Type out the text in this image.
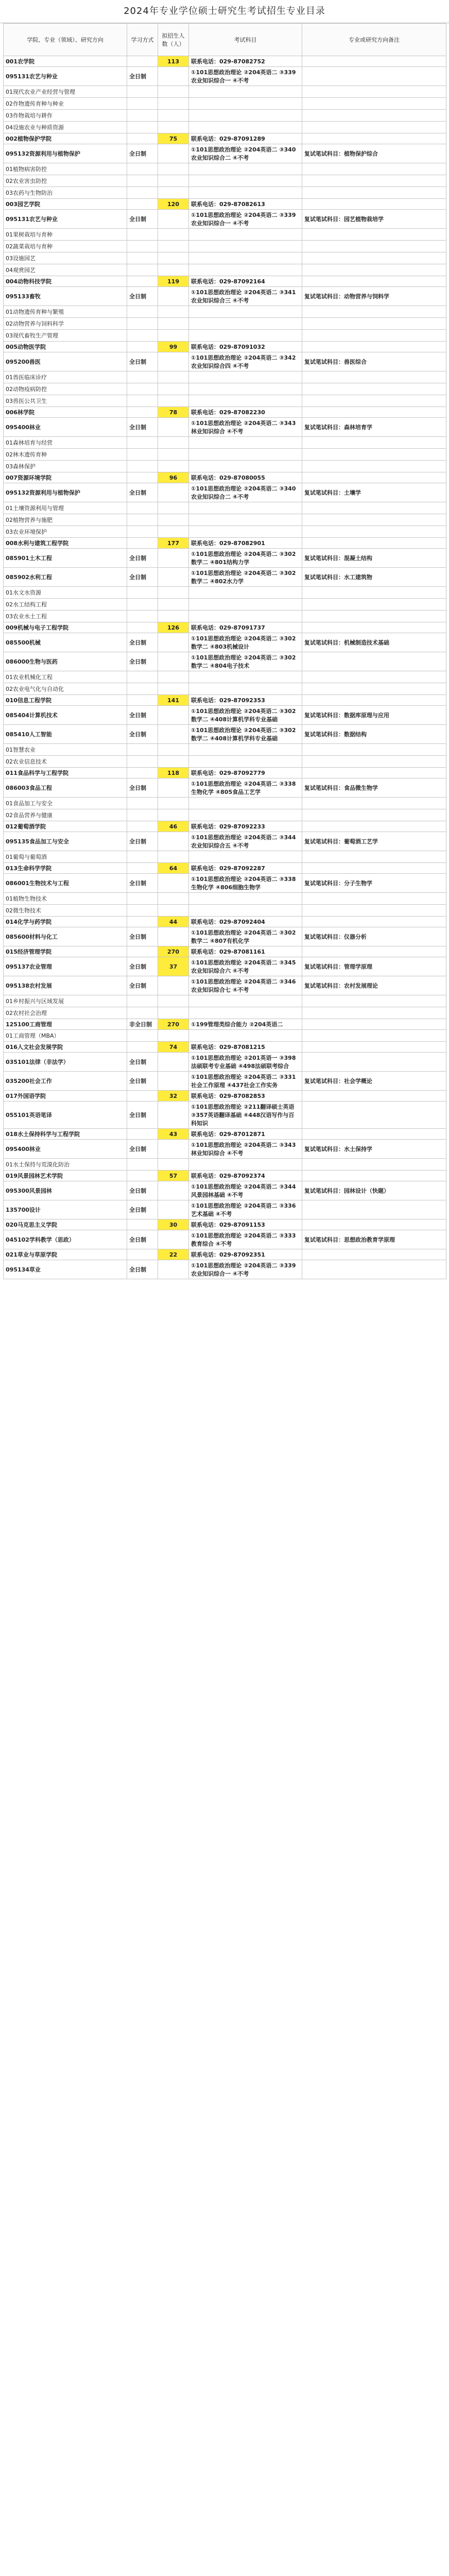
2024年专业学位硕士研究生考试招生专业目录
学院、专业（领域）、研究方向	学习方式	拟招生人数（人）	考试科目	专业或研究方向备注
001农学院		113	联系电话：029-87082752	
095131农艺与种业	全日制		①101思想政治理论 ②204英语二 ③339农业知识综合一 ④不考	
01现代农业产业经营与管理				
02作物遗传育种与种业				
03作物栽培与耕作				
04设施农业与种质资源				
002植物保护学院		75	联系电话：029-87091289	
095132资源利用与植物保护	全日制		①101思想政治理论 ②204英语二 ③340农业知识综合二 ④不考	复试笔试科目：植物保护综合
01植物病害防控				
02农业害虫防控				
03农药与生物防治				
003园艺学院		120	联系电话：029-87082613	
095131农艺与种业	全日制		①101思想政治理论 ②204英语二 ③339农业知识综合一 ④不考	复试笔试科目：园艺植物栽培学
01果树栽培与育种				
02蔬菜栽培与育种				
03设施园艺				
04观赏园艺				
004动物科技学院		119	联系电话：029-87092164	
095133畜牧	全日制		①101思想政治理论 ②204英语二 ③341农业知识综合三 ④不考	复试笔试科目：动物营养与饲料学
01动物遗传育种与繁殖				
02动物营养与饲料科学				
03现代畜牧生产管理				
005动物医学院		99	联系电话：029-87091032	
095200兽医	全日制		①101思想政治理论 ②204英语二 ③342农业知识综合四 ④不考	复试笔试科目：兽医综合
01兽医临床诊疗				
02动物疫病防控				
03兽医公共卫生				
006林学院		78	联系电话：029-87082230	
095400林业	全日制		①101思想政治理论 ②204英语二 ③343林业知识综合 ④不考	复试笔试科目：森林培育学
01森林培育与经营				
02林木遗传育种				
03森林保护				
007资源环境学院		96	联系电话：029-87080055	
095132资源利用与植物保护	全日制		①101思想政治理论 ②204英语二 ③340农业知识综合二 ④不考	复试笔试科目：土壤学
01土壤资源利用与管理				
02植物营养与施肥				
03农业环境保护				
008水利与建筑工程学院		177	联系电话：029-87082901	
085901土木工程	全日制		①101思想政治理论 ②204英语二 ③302数学二 ④801结构力学	复试笔试科目：混凝土结构
085902水利工程	全日制		①101思想政治理论 ②204英语二 ③302数学二 ④802水力学	复试笔试科目：水工建筑物
01水文水资源				
02水工结构工程				
03农业水土工程				
009机械与电子工程学院		126	联系电话：029-87091737	
085500机械	全日制		①101思想政治理论 ②204英语二 ③302数学二 ④803机械设计	复试笔试科目：机械制造技术基础
086000生物与医药	全日制		①101思想政治理论 ②204英语二 ③302数学二 ④804电子技术	
01农业机械化工程				
02农业电气化与自动化				
010信息工程学院		141	联系电话：029-87092353	
085404计算机技术	全日制		①101思想政治理论 ②204英语二 ③302数学二 ④408计算机学科专业基础	复试笔试科目：数据库原理与应用
085410人工智能	全日制		①101思想政治理论 ②204英语二 ③302数学二 ④408计算机学科专业基础	复试笔试科目：数据结构
01智慧农业				
02农业信息技术				
011食品科学与工程学院		118	联系电话：029-87092779	
086003食品工程	全日制		①101思想政治理论 ②204英语二 ③338生物化学 ④805食品工艺学	复试笔试科目：食品微生物学
01食品加工与安全				
02食品营养与健康				
012葡萄酒学院		46	联系电话：029-87092233	
095135食品加工与安全	全日制		①101思想政治理论 ②204英语二 ③344农业知识综合五 ④不考	复试笔试科目：葡萄酒工艺学
01葡萄与葡萄酒				
013生命科学学院		64	联系电话：029-87092287	
086001生物技术与工程	全日制		①101思想政治理论 ②204英语二 ③338生物化学 ④806细胞生物学	复试笔试科目：分子生物学
01植物生物技术				
02微生物技术				
014化学与药学院		44	联系电话：029-87092404	
085600材料与化工	全日制		①101思想政治理论 ②204英语二 ③302数学二 ④807有机化学	复试笔试科目：仪器分析
015经济管理学院		270	联系电话：029-87081161	
095137农业管理	全日制	37	①101思想政治理论 ②204英语二 ③345农业知识综合六 ④不考	复试笔试科目：管理学原理
095138农村发展	全日制		①101思想政治理论 ②204英语二 ③346农业知识综合七 ④不考	复试笔试科目：农村发展理论
01乡村振兴与区域发展				
02农村社会治理				
125100工商管理	非全日制	270	①199管理类综合能力 ②204英语二	
01工商管理（MBA）				
016人文社会发展学院		74	联系电话：029-87081215	
035101法律（非法学）	全日制		①101思想政治理论 ②201英语一 ③398法硕联考专业基础 ④498法硕联考综合	
035200社会工作	全日制		①101思想政治理论 ②204英语二 ③331社会工作原理 ④437社会工作实务	复试笔试科目：社会学概论
017外国语学院		32	联系电话：029-87082853	
055101英语笔译	全日制		①101思想政治理论 ②211翻译硕士英语 ③357英语翻译基础 ④448汉语写作与百科知识	
018水土保持科学与工程学院		43	联系电话：029-87012871	
095400林业	全日制		①101思想政治理论 ②204英语二 ③343林业知识综合 ④不考	复试笔试科目：水土保持学
01水土保持与荒漠化防治				
019风景园林艺术学院		57	联系电话：029-87092374	
095300风景园林	全日制		①101思想政治理论 ②204英语二 ③344风景园林基础 ④不考	复试笔试科目：园林设计（快题）
135700设计	全日制		①101思想政治理论 ②204英语二 ③336艺术基础 ④不考	
020马克思主义学院		30	联系电话：029-87091153	
045102学科教学（思政）	全日制		①101思想政治理论 ②204英语二 ③333教育综合 ④不考	复试笔试科目：思想政治教育学原理
021草业与草原学院		22	联系电话：029-87092351	
095134草业	全日制		①101思想政治理论 ②204英语二 ③339农业知识综合一 ④不考	
